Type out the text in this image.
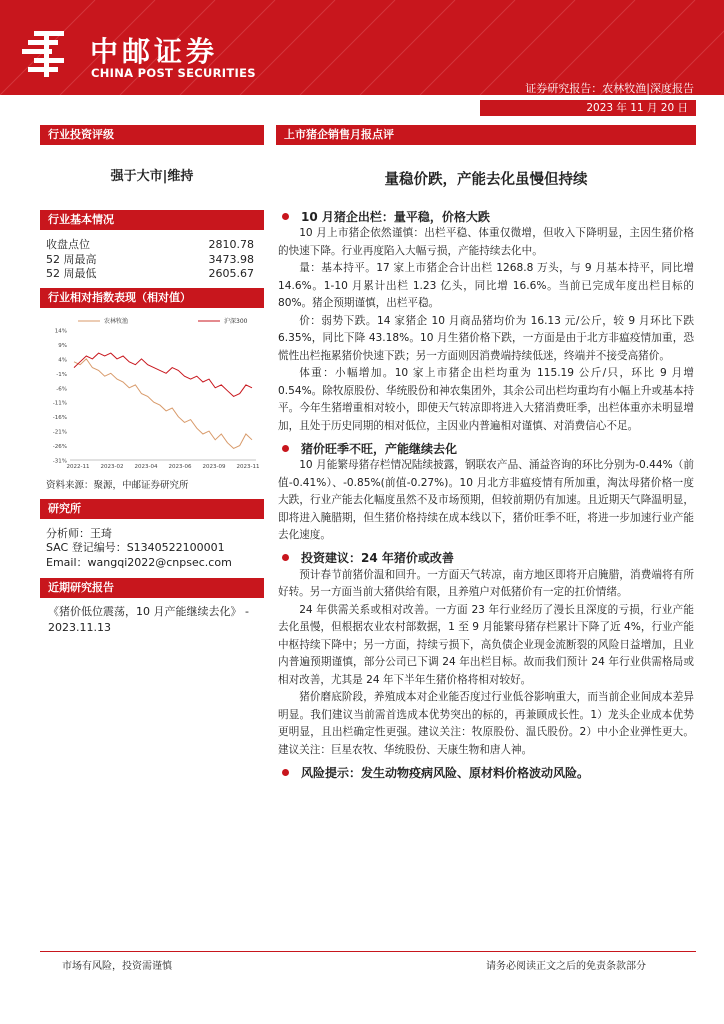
中邮证券
CHINA POST SECURITIES
证券研究报告：农林牧渔|深度报告
2023 年 11 月 20 日
行业投资评级
强于大市|维持
行业基本情况
收盘点位	2810.78
52 周最高	3473.98
52 周最低	2605.67
行业相对指数表现（相对值）
14%
9%
4%
-1%
-6%
-11%
-16%
-21%
-26%
-31%
2022-11 2023-02 2023-04 2023-06 2023-09 2023-11
农林牧渔	沪深300
资料来源：聚源，中邮证券研究所
研究所
分析师：王琦
SAC 登记编号：S1340522100001
Email：wangqi2022@cnpsec.com
近期研究报告
《猪价低位震荡，10 月产能继续去化》 - 2023.11.13
上市猪企销售月报点评
量稳价跌，产能去化虽慢但持续
10 月猪企出栏：量平稳，价格大跌
10 月上市猪企依然谨慎：出栏平稳、体重仅微增，但收入下降明显，主因生猪价格的快速下降。行业再度陷入大幅亏损，产能持续去化中。
量：基本持平。17 家上市猪企合计出栏 1268.8 万头，与 9 月基本持平，同比增 14.6%。1-10 月累计出栏 1.23 亿头，同比增 16.6%。当前已完成年度出栏目标的 80%。猪企预期谨慎，出栏平稳。
价：弱势下跌。14 家猪企 10 月商品猪均价为 16.13 元/公斤，较 9 月环比下跌 6.35%，同比下降 43.18%。10 月生猪价格下跌，一方面是由于北方非瘟疫情加重，恐慌性出栏拖累猪价快速下跌；另一方面则因消费端持续低迷，终端并不接受高猪价。
体重：小幅增加。10 家上市猪企出栏均重为 115.19 公斤/只，环比 9 月增 0.54%。除牧原股份、华统股份和神农集团外，其余公司出栏均重均有小幅上升或基本持平。今年生猪增重相对较小，即使天气转凉即将进入大猪消费旺季，出栏体重亦未明显增加，且处于历史同期的相对低位，主因业内普遍相对谨慎、对消费信心不足。
猪价旺季不旺，产能继续去化
10 月能繁母猪存栏情况陆续披露，钢联农产品、涌益咨询的环比分别为-0.44%（前值-0.41%）、-0.85%(前值-0.27%)。10 月北方非瘟疫情有所加重，淘汰母猪价格一度大跌，行业产能去化幅度虽然不及市场预期，但较前期仍有加速。且近期天气降温明显，即将进入腌腊期，但生猪价格持续在成本线以下，猪价旺季不旺，将进一步加速行业产能去化速度。
投资建议：24 年猪价或改善
预计春节前猪价温和回升。一方面天气转凉，南方地区即将开启腌腊，消费端将有所好转。另一方面当前大猪供给有限，且养殖户对低猪价有一定的扛价情绪。
24 年供需关系或相对改善。一方面 23 年行业经历了漫长且深度的亏损，行业产能去化虽慢，但根据农业农村部数据，1 至 9 月能繁母猪存栏累计下降了近 4%，行业产能中枢持续下降中；另一方面，持续亏损下，高负债企业现金流断裂的风险日益增加，且业内普遍预期谨慎，部分公司已下调 24 年出栏目标。故而我们预计 24 年行业供需格局或相对改善，尤其是 24 年下半年生猪价格将相对较好。
猪价磨底阶段，养殖成本对企业能否度过行业低谷影响重大，而当前企业间成本差异明显。我们建议当前需首选成本优势突出的标的，再兼顾成长性。1）龙头企业成本优势更明显，且出栏确定性更强。建议关注：牧原股份、温氏股份。2）中小企业弹性更大。建议关注：巨星农牧、华统股份、天康生物和唐人神。
风险提示：发生动物疫病风险、原材料价格波动风险。
市场有风险，投资需谨慎	请务必阅读正文之后的免责条款部分
